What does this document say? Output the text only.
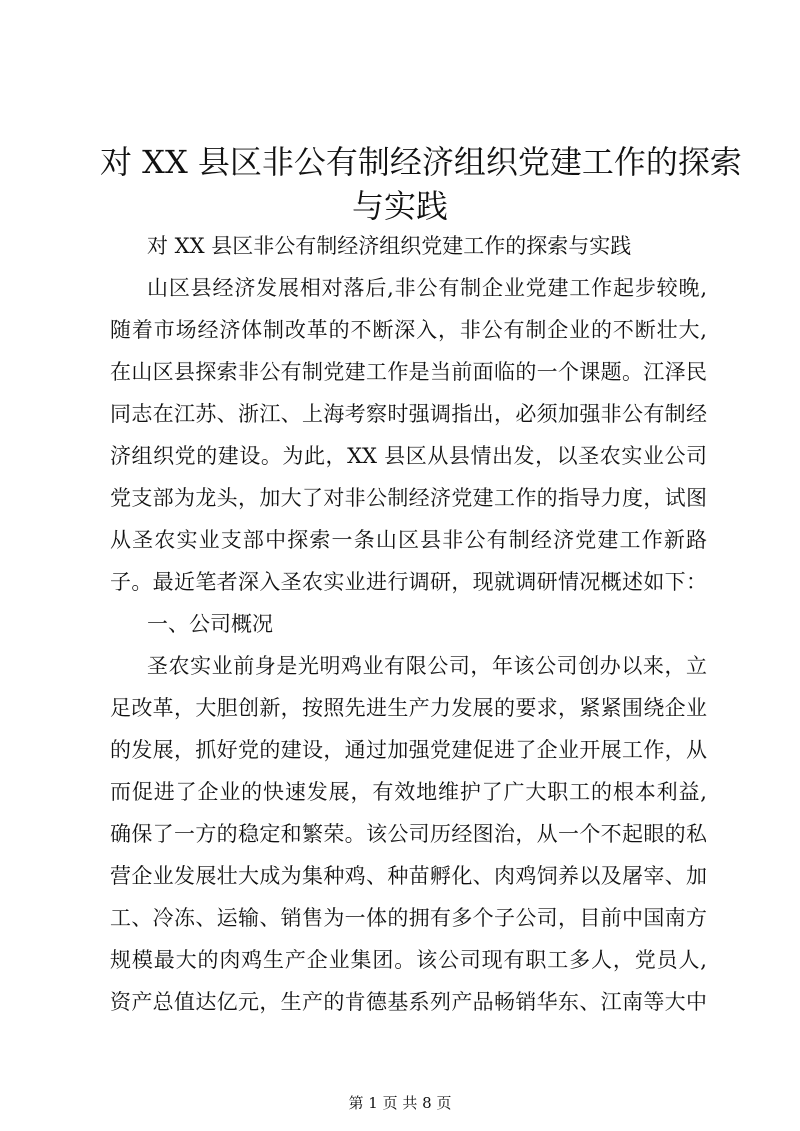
对 XX 县区非公有制经济组织党建工作的探索
与实践
对 XX 县区非公有制经济组织党建工作的探索与实践
山区县经济发展相对落后,非公有制企业党建工作起步较晚,
随着市场经济体制改革的不断深入，非公有制企业的不断壮大,
在山区县探索非公有制党建工作是当前面临的一个课题。江泽民
同志在江苏、浙江、上海考察时强调指出，必须加强非公有制经
济组织党的建设。为此，XX 县区从县情出发，以圣农实业公司
党支部为龙头，加大了对非公制经济党建工作的指导力度，试图
从圣农实业支部中探索一条山区县非公有制经济党建工作新路
子。最近笔者深入圣农实业进行调研，现就调研情况概述如下：
一、公司概况
圣农实业前身是光明鸡业有限公司，年该公司创办以来，立
足改革，大胆创新，按照先进生产力发展的要求，紧紧围绕企业
的发展，抓好党的建设，通过加强党建促进了企业开展工作，从
而促进了企业的快速发展，有效地维护了广大职工的根本利益,
确保了一方的稳定和繁荣。该公司历经图治，从一个不起眼的私
营企业发展壮大成为集种鸡、种苗孵化、肉鸡饲养以及屠宰、加
工、冷冻、运输、销售为一体的拥有多个子公司，目前中国南方
规模最大的肉鸡生产企业集团。该公司现有职工多人，党员人,
资产总值达亿元，生产的肯德基系列产品畅销华东、江南等大中
第 1 页 共 8 页
